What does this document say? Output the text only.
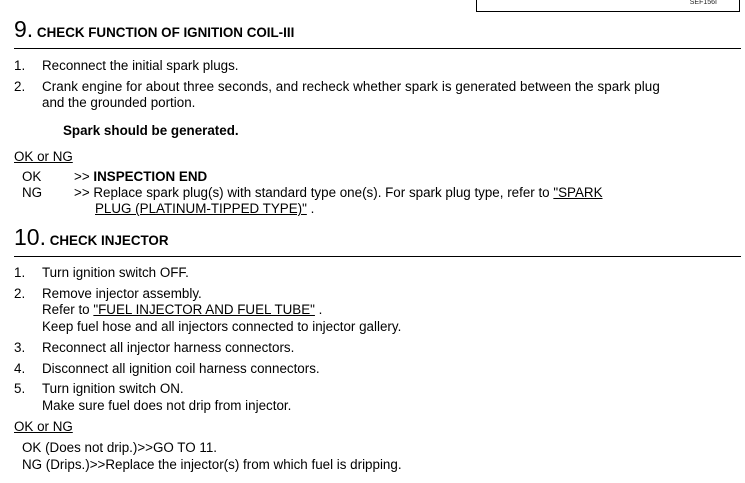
SEF156I
9. CHECK FUNCTION OF IGNITION COIL-III
1. Reconnect the initial spark plugs.
2. Crank engine for about three seconds, and recheck whether spark is generated between the spark plug
and the grounded portion.
Spark should be generated.
OK or NG
OK >> INSPECTION END
NG >> Replace spark plug(s) with standard type one(s). For spark plug type, refer to "SPARK
PLUG (PLATINUM-TIPPED TYPE)" .
10. CHECK INJECTOR
1. Turn ignition switch OFF.
2. Remove injector assembly.
Refer to "FUEL INJECTOR AND FUEL TUBE" .
Keep fuel hose and all injectors connected to injector gallery.
3. Reconnect all injector harness connectors.
4. Disconnect all ignition coil harness connectors.
5. Turn ignition switch ON.
Make sure fuel does not drip from injector.
OK or NG
OK (Does not drip.)>>GO TO 11.
NG (Drips.)>>Replace the injector(s) from which fuel is dripping.
